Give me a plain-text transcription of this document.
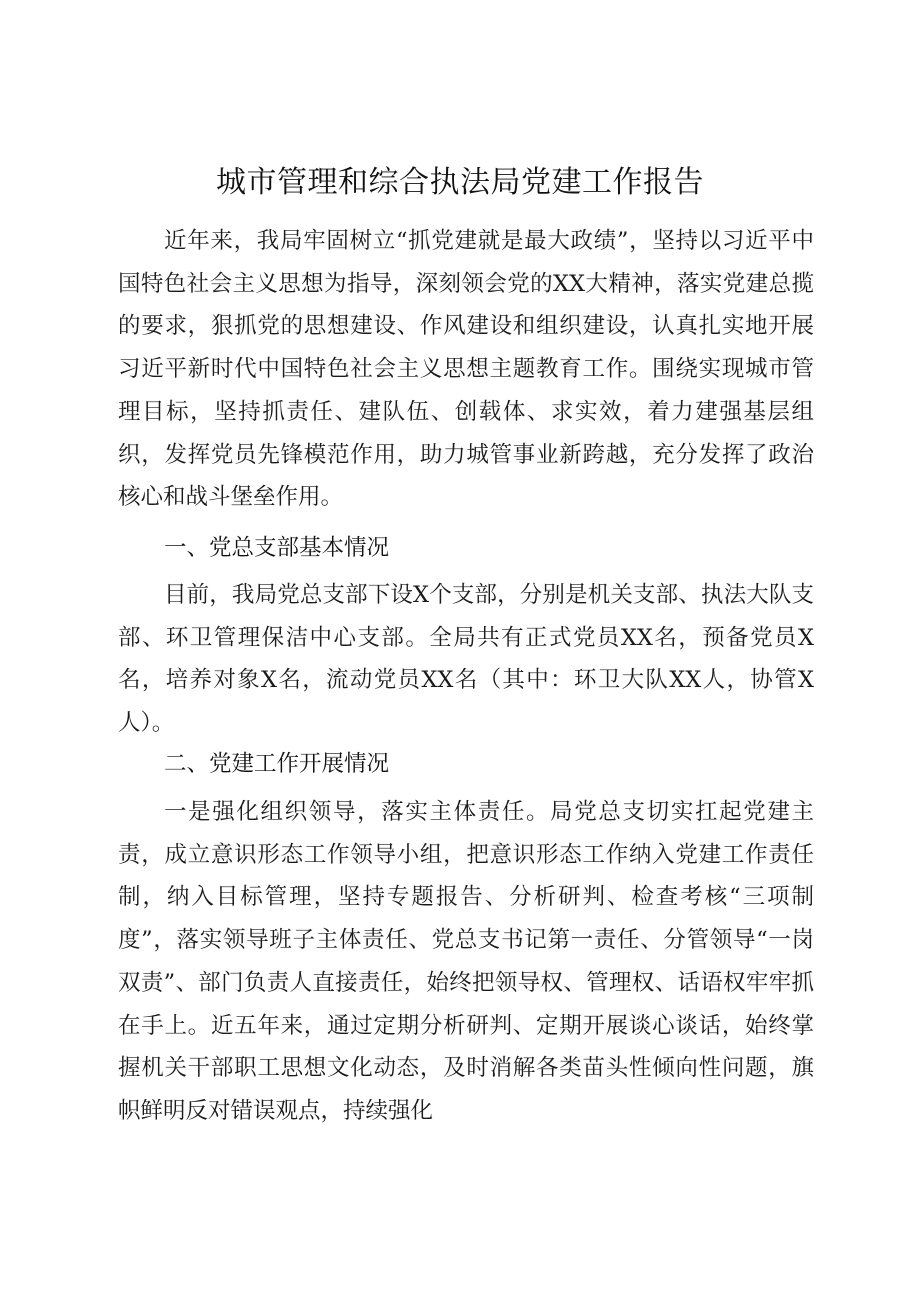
城市管理和综合执法局党建工作报告

近年来，我局牢固树立“抓党建就是最大政绩”，坚持以习近平中国特色社会主义思想为指导，深刻领会党的XX大精神，落实党建总揽的要求，狠抓党的思想建设、作风建设和组织建设，认真扎实地开展习近平新时代中国特色社会主义思想主题教育工作。围绕实现城市管理目标，坚持抓责任、建队伍、创载体、求实效，着力建强基层组织，发挥党员先锋模范作用，助力城管事业新跨越，充分发挥了政治核心和战斗堡垒作用。

一、党总支部基本情况

目前，我局党总支部下设X个支部，分别是机关支部、执法大队支部、环卫管理保洁中心支部。全局共有正式党员XX名，预备党员X名，培养对象X名，流动党员XX名（其中：环卫大队XX人，协管X人）。

二、党建工作开展情况

一是强化组织领导，落实主体责任。局党总支切实扛起党建主责，成立意识形态工作领导小组，把意识形态工作纳入党建工作责任制，纳入目标管理，坚持专题报告、分析研判、检查考核“三项制度”，落实领导班子主体责任、党总支书记第一责任、分管领导“一岗双责”、部门负责人直接责任，始终把领导权、管理权、话语权牢牢抓在手上。近五年来，通过定期分析研判、定期开展谈心谈话，始终掌握机关干部职工思想文化动态，及时消解各类苗头性倾向性问题，旗帜鲜明反对错误观点，持续强化
